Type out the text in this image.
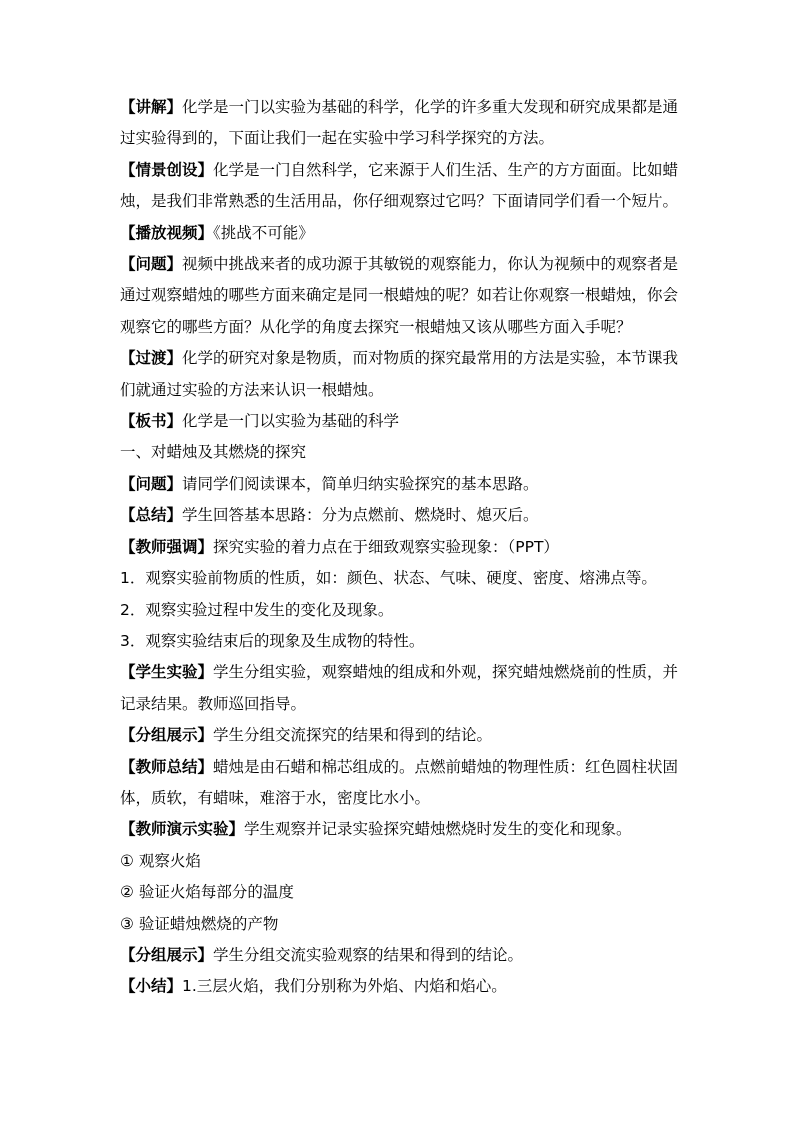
【讲解】化学是一门以实验为基础的科学，化学的许多重大发现和研究成果都是通过实验得到的，下面让我们一起在实验中学习科学探究的方法。

【情景创设】化学是一门自然科学，它来源于人们生活、生产的方方面面。比如蜡烛，是我们非常熟悉的生活用品，你仔细观察过它吗？下面请同学们看一个短片。

【播放视频】《挑战不可能》

【问题】视频中挑战来者的成功源于其敏锐的观察能力，你认为视频中的观察者是通过观察蜡烛的哪些方面来确定是同一根蜡烛的呢？如若让你观察一根蜡烛，你会观察它的哪些方面？从化学的角度去探究一根蜡烛又该从哪些方面入手呢？

【过渡】化学的研究对象是物质，而对物质的探究最常用的方法是实验，本节课我们就通过实验的方法来认识一根蜡烛。

【板书】化学是一门以实验为基础的科学

一、对蜡烛及其燃烧的探究

【问题】请同学们阅读课本，简单归纳实验探究的基本思路。

【总结】学生回答基本思路：分为点燃前、燃烧时、熄灭后。

【教师强调】探究实验的着力点在于细致观察实验现象：（PPT）

1．观察实验前物质的性质，如：颜色、状态、气味、硬度、密度、熔沸点等。

2．观察实验过程中发生的变化及现象。

3．观察实验结束后的现象及生成物的特性。

【学生实验】学生分组实验，观察蜡烛的组成和外观，探究蜡烛燃烧前的性质，并记录结果。教师巡回指导。

【分组展示】学生分组交流探究的结果和得到的结论。

【教师总结】蜡烛是由石蜡和棉芯组成的。点燃前蜡烛的物理性质：红色圆柱状固体，质软，有蜡味，难溶于水，密度比水小。

【教师演示实验】学生观察并记录实验探究蜡烛燃烧时发生的变化和现象。

① 观察火焰

② 验证火焰每部分的温度

③ 验证蜡烛燃烧的产物

【分组展示】学生分组交流实验观察的结果和得到的结论。

【小结】1.三层火焰，我们分别称为外焰、内焰和焰心。
